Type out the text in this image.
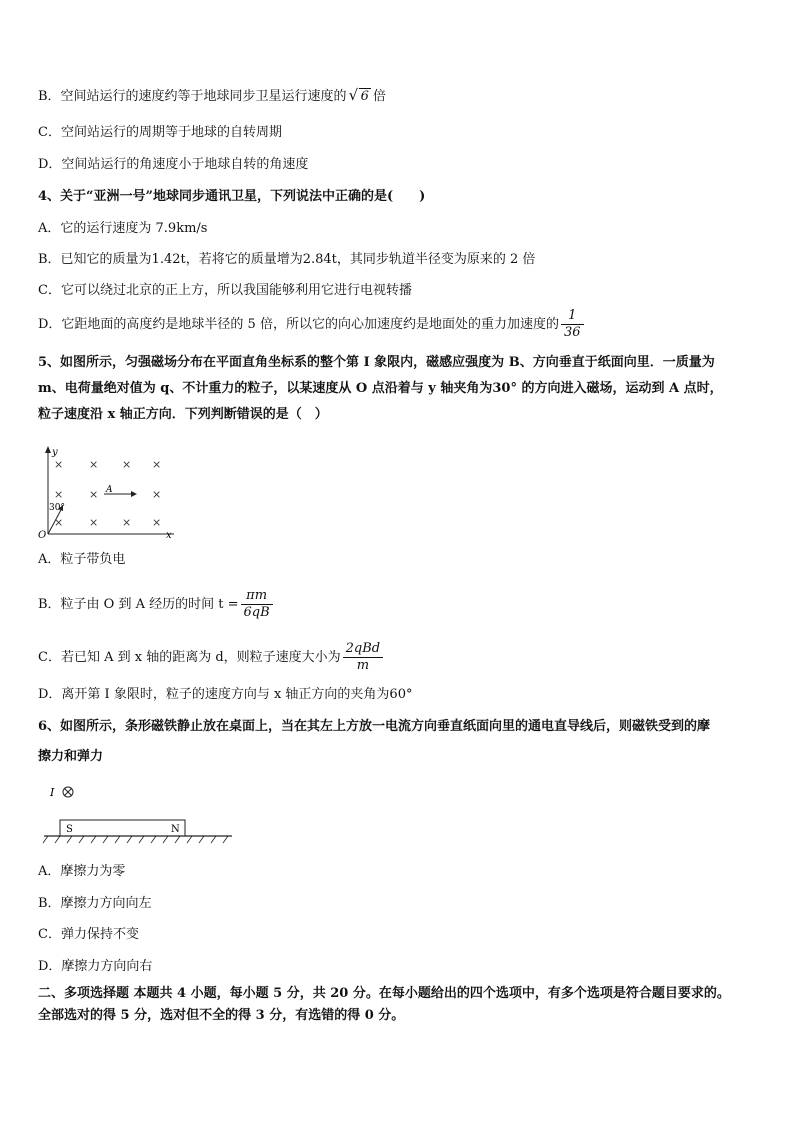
B．空间站运行的速度约等于地球同步卫星运行速度的 √ 6 倍
C．空间站运行的周期等于地球的自转周期
D．空间站运行的角速度小于地球自转的角速度
4、关于“亚洲一号”地球同步通讯卫星，下列说法中正确的是(　　)
A．它的运行速度为 7.9km/s
B．已知它的质量为1.42t，若将它的质量增为2.84t，其同步轨道半径变为原来的 2 倍
C．它可以绕过北京的正上方，所以我国能够利用它进行电视转播
D．它距地面的高度约是地球半径的 5 倍，所以它的向心加速度约是地面处的重力加速度的 $\frac{1}{36}$
5、如图所示，匀强磁场分布在平面直角坐标系的整个第 I 象限内，磁感应强度为 B、方向垂直于纸面向里．一质量为
m、电荷量绝对值为 q、不计重力的粒子，以某速度从 O 点沿着与 y 轴夹角为30° 的方向进入磁场，运动到 A 点时，
粒子速度沿 x 轴正方向．下列判断错误的是（　）
y
x
O
× × × ×
× ×	×
× × × ×
A
30°
A．粒子带负电
B．粒子由 O 到 A 经历的时间 $t = \frac{\pi m}{6qB}$
C．若已知 A 到 x 轴的距离为 d，则粒子速度大小为 $\frac{\text{2qBd}}{m}$
D．离开第 I 象限时，粒子的速度方向与 x 轴正方向的夹角为60°
6、如图所示，条形磁铁静止放在桌面上，当在其左上方放一电流方向垂直纸面向里的通电直导线后，则磁铁受到的摩
擦力和弹力
I
S	N
A．摩擦力为零
B．摩擦力方向向左
C．弹力保持不变
D．摩擦力方向向右
二、多项选择题 本题共 4 小题，每小题 5 分，共 20 分。在每小题给出的四个选项中，有多个选项是符合题目要求的。
全部选对的得 5 分，选对但不全的得 3 分，有选错的得 0 分。
